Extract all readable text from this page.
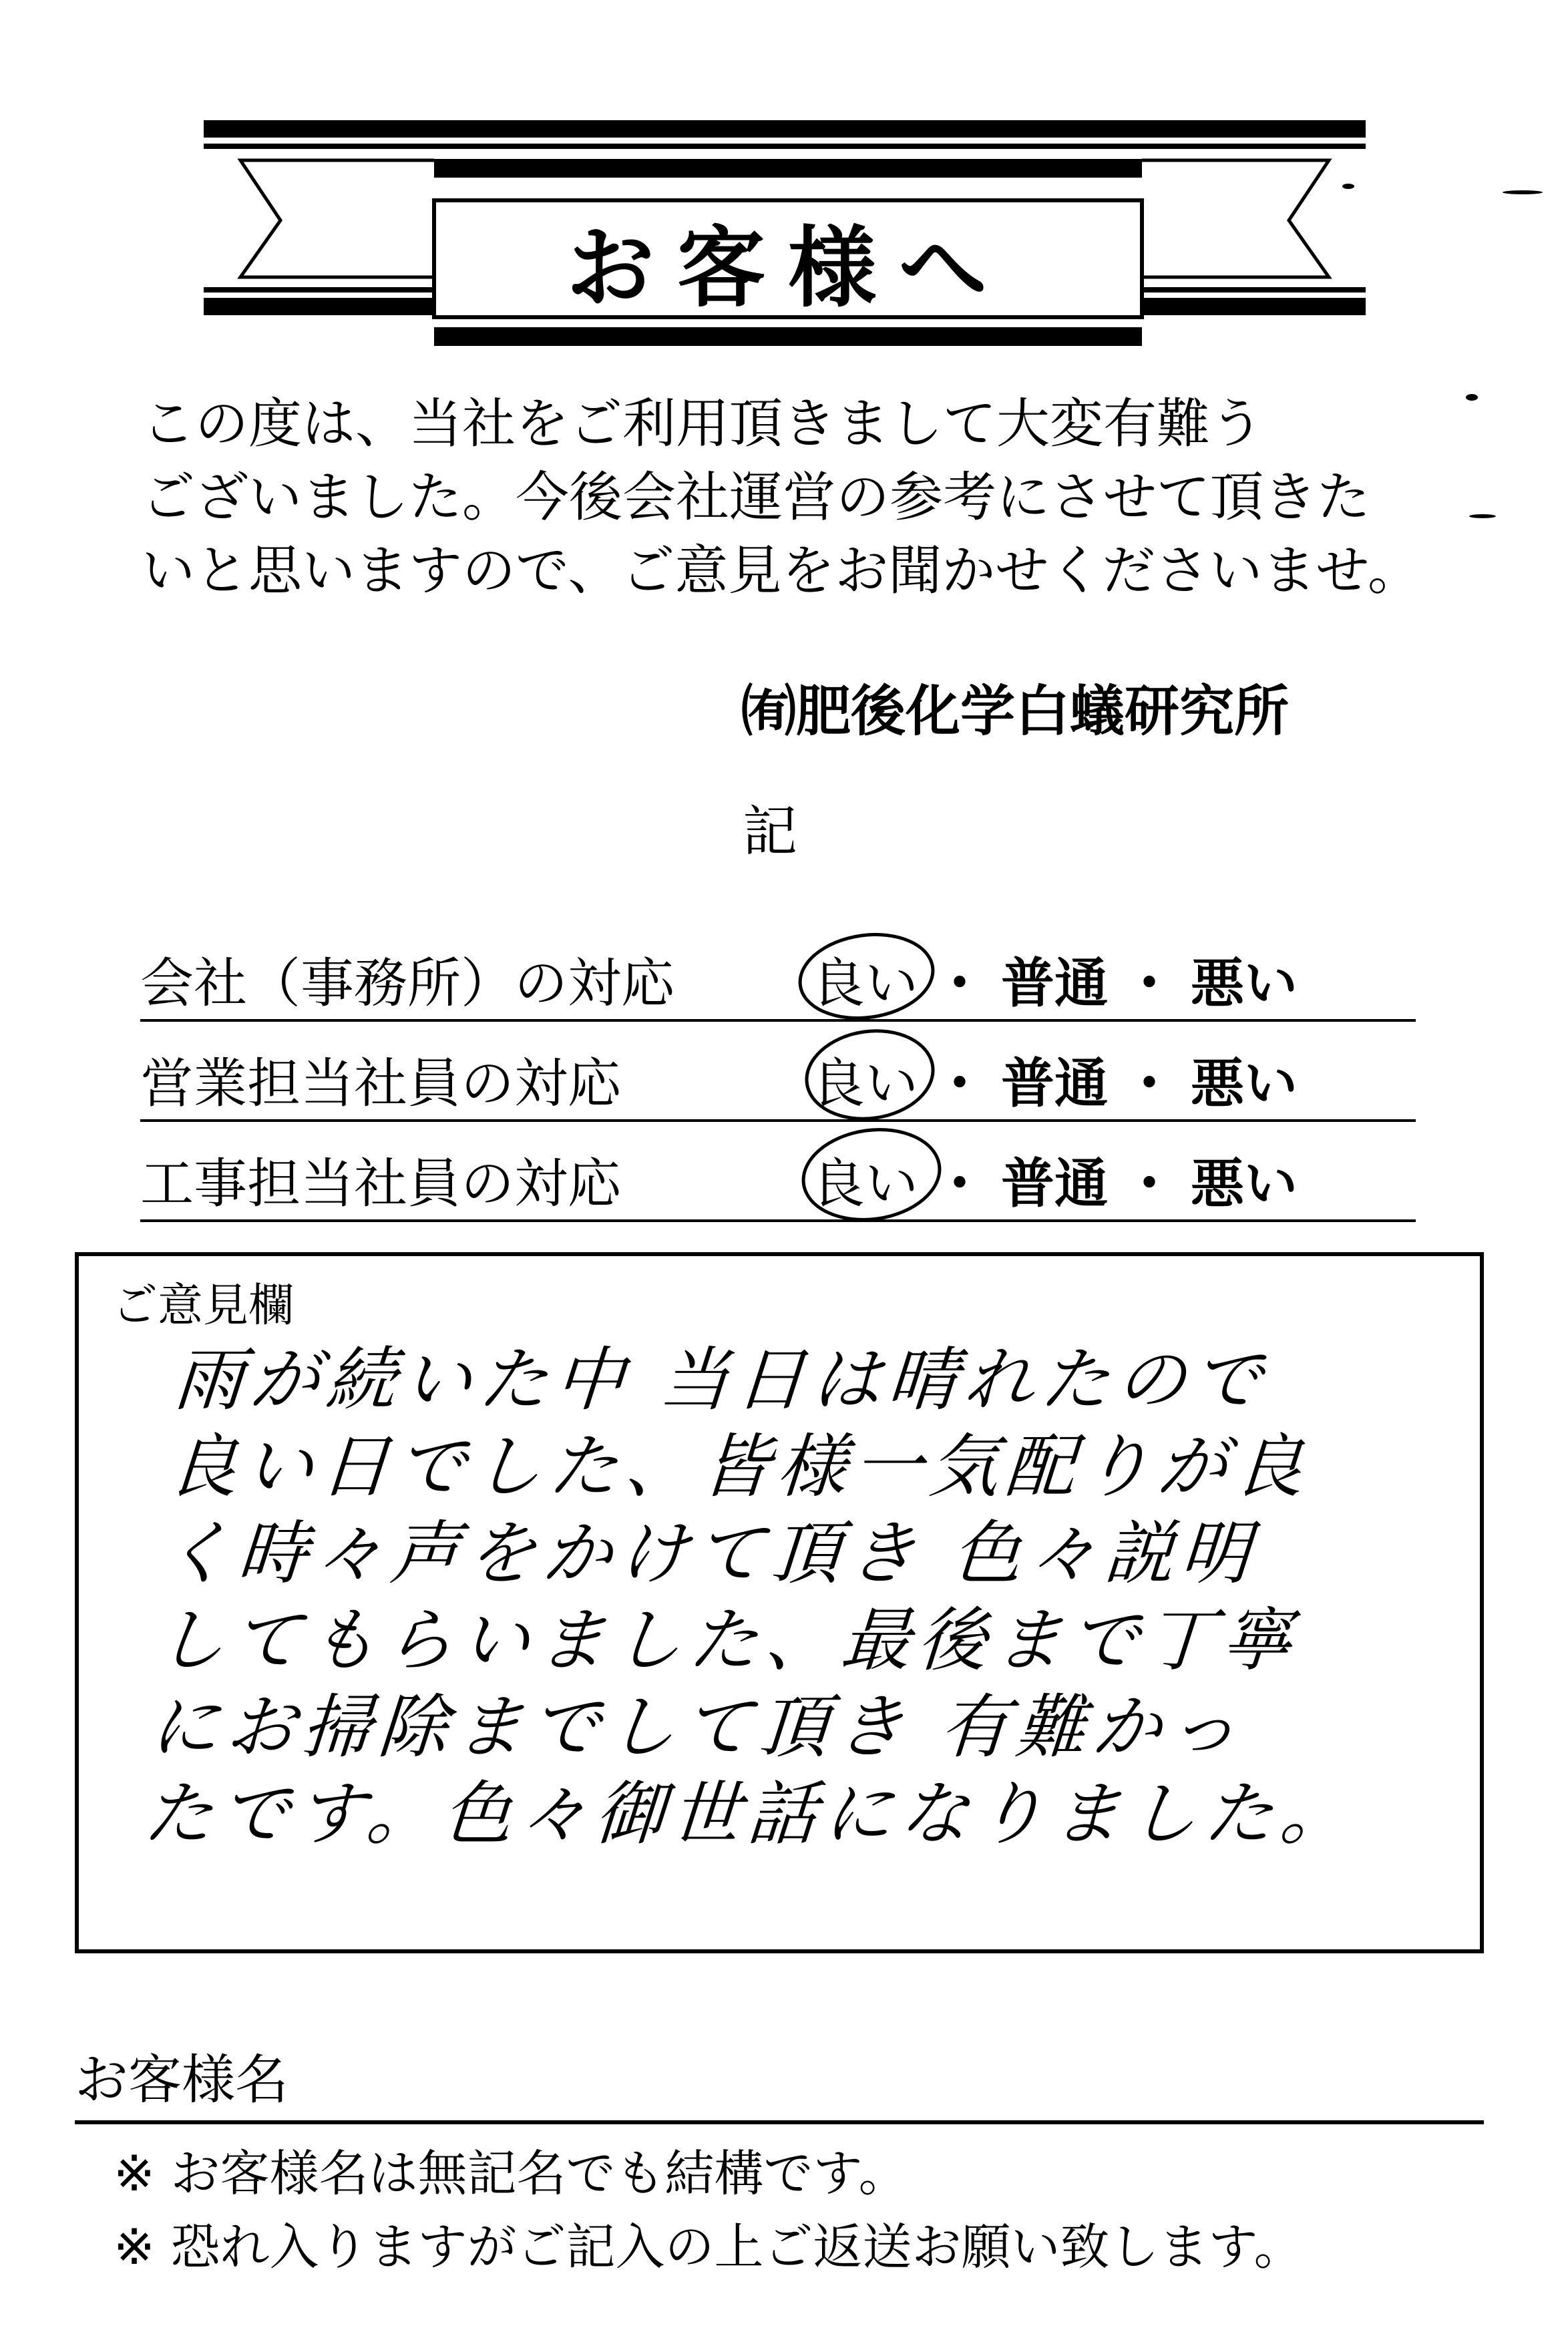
お客様へ
この度は、当社をご利用頂きまして大変有難う
ございました。今後会社運営の参考にさせて頂きた
いと思いますので、ご意見をお聞かせくださいませ。
㈲肥後化学白蟻研究所
記
会社（事務所）の対応	良い ・ 普通 ・ 悪い
営業担当社員の対応	良い ・ 普通 ・ 悪い
工事担当社員の対応	良い ・ 普通 ・ 悪い
ご意見欄
雨が続いた中 当日は晴れたので
良い日でした、皆様一気配りが良
く時々声をかけて頂き 色々説明
してもらいました、最後まで丁寧
にお掃除までして頂き 有難かっ
たです。色々御世話になりました。
お客様名
※ お客様名は無記名でも結構です。
※ 恐れ入りますがご記入の上ご返送お願い致します。
